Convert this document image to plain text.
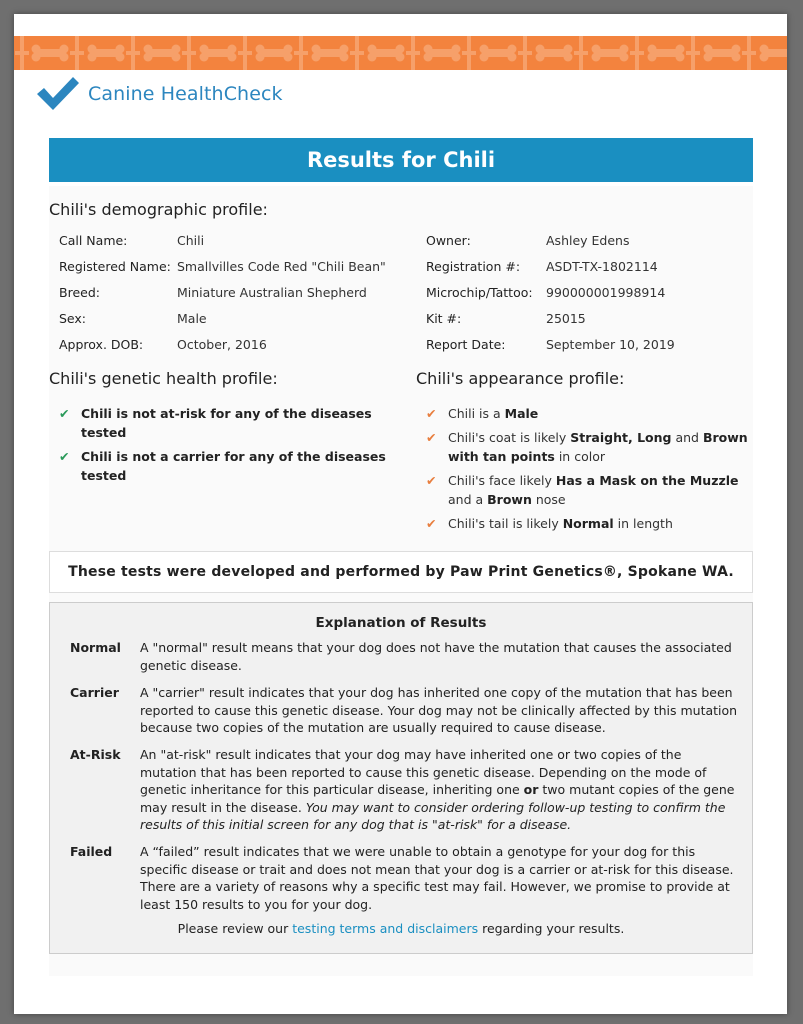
Canine HealthCheck
Results for Chili
Chili's demographic profile:
Call Name:	Chili
Registered Name: Smallvilles Code Red "Chili Bean"
Breed:	Miniature Australian Shepherd
Sex:	Male
Approx. DOB:	October, 2016
Owner:	Ashley Edens
Registration #: ASDT-TX-1802114
Microchip/Tattoo: 990000001998914
Kit #:	25015
Report Date:	September 10, 2019
Chili's genetic health profile:
✔ Chili is not at-risk for any of the diseases tested
✔ Chili is not a carrier for any of the diseases tested
Chili's appearance profile:
✔ Chili is a Male
✔ Chili's coat is likely Straight, Long and Brown with tan points in color
✔ Chili's face likely Has a Mask on the Muzzle and a Brown nose
✔ Chili's tail is likely Normal in length
These tests were developed and performed by Paw Print Genetics®, Spokane WA.
Explanation of Results
Normal A "normal" result means that your dog does not have the mutation that causes the associated genetic disease.
Carrier A "carrier" result indicates that your dog has inherited one copy of the mutation that has been reported to cause this genetic disease. Your dog may not be clinically affected by this mutation because two copies of the mutation are usually required to cause disease.
At-Risk An "at-risk" result indicates that your dog may have inherited one or two copies of the mutation that has been reported to cause this genetic disease. Depending on the mode of genetic inheritance for this particular disease, inheriting one or two mutant copies of the gene may result in the disease. You may want to consider ordering follow-up testing to confirm the results of this initial screen for any dog that is "at-risk" for a disease.
Failed A “failed” result indicates that we were unable to obtain a genotype for your dog for this specific disease or trait and does not mean that your dog is a carrier or at-risk for this disease. There are a variety of reasons why a specific test may fail. However, we promise to provide at least 150 results to you for your dog.
Please review our testing terms and disclaimers regarding your results.
